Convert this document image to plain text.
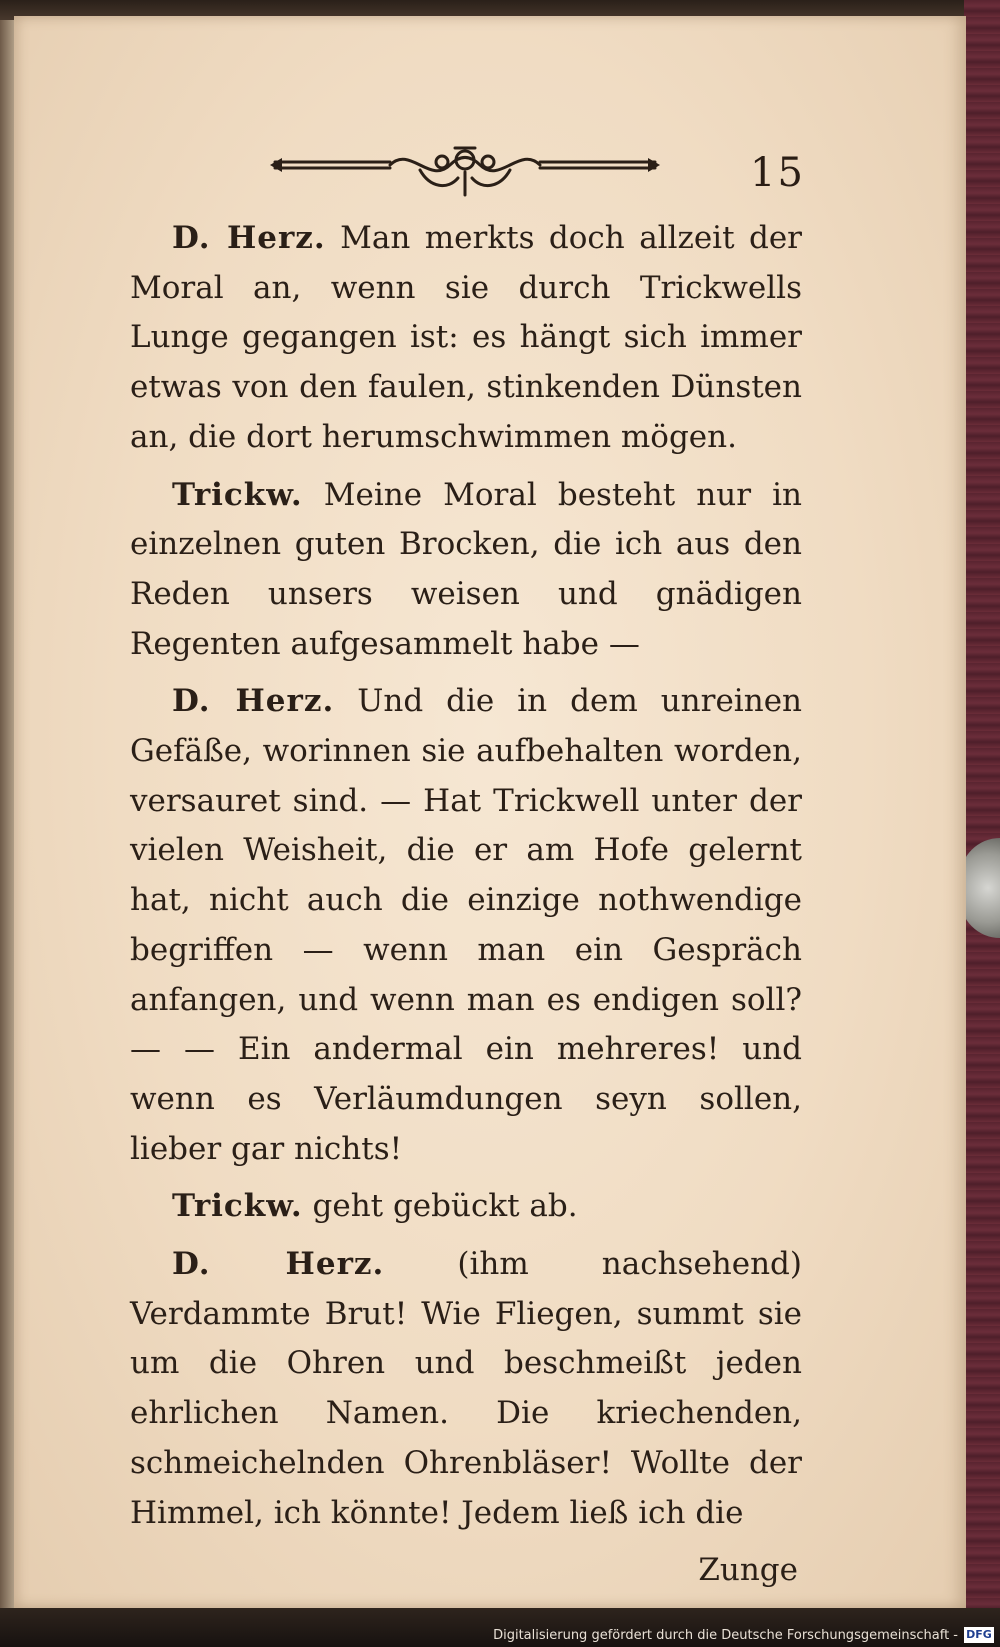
15

D. Herz. Man merkts doch allzeit der Moral an, wenn sie durch Trickwells Lunge gegangen ist: es hängt sich immer etwas von den faulen, stinkenden Dünsten an, die dort herumschwimmen mögen.

Trickw. Meine Moral besteht nur in einzelnen guten Brocken, die ich aus den Reden unsers weisen und gnädigen Regenten aufgesammelt habe —

D. Herz. Und die in dem unreinen Gefäße, worinnen sie aufbehalten worden, versauret sind. — Hat Trickwell unter der vielen Weisheit, die er am Hofe gelernt hat, nicht auch die einzige nothwendige begriffen — wenn man ein Gespräch anfangen, und wenn man es endigen soll? — — Ein andermal ein mehreres! und wenn es Verläumdungen seyn sollen, lieber gar nichts!

Trickw. geht gebückt ab.

D. Herz. (ihm nachsehend) Verdammte Brut! Wie Fliegen, summt sie um die Ohren und beschmeißt jeden ehrlichen Namen. Die kriechenden, schmeichelnden Ohrenbläser! Wollte der Himmel, ich könnte! Jedem ließ ich die

Zunge

Digitalisierung gefördert durch die Deutsche Forschungsgemeinschaft - DFG
